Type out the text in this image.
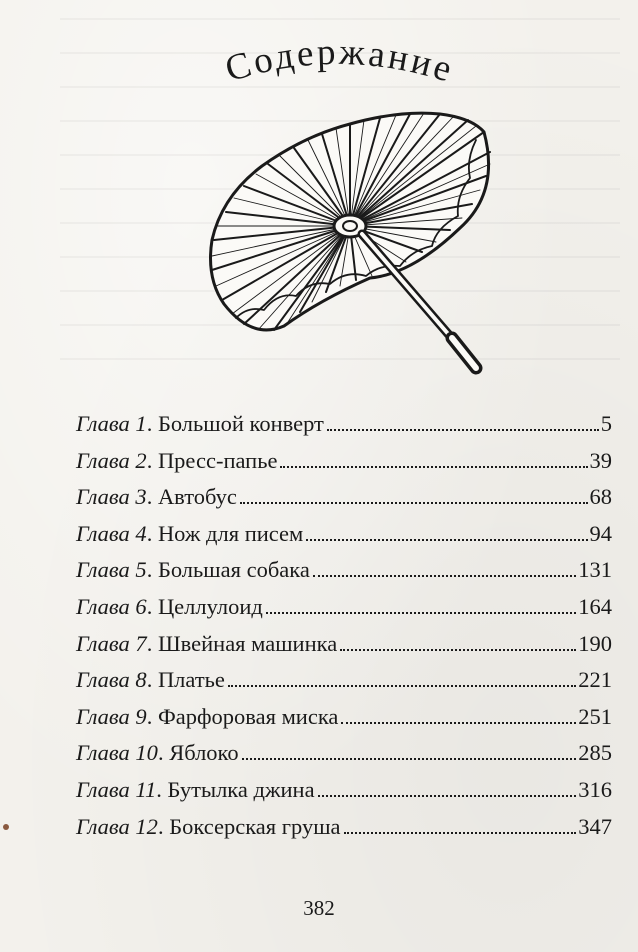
Содержание
Глава 1 . Большой конверт	5
Глава 2 . Пресс-папье	39
Глава 3 . Автобус	68
Глава 4 . Нож для писем	94
Глава 5 . Большая собака	131
Глава 6 . Целлулоид	164
Глава 7 . Швейная машинка	190
Глава 8 . Платье	221
Глава 9 . Фарфоровая миска	251
Глава 10 . Яблоко	285
Глава 11 . Бутылка джина	316
Глава 12 . Боксерская груша	347
382
